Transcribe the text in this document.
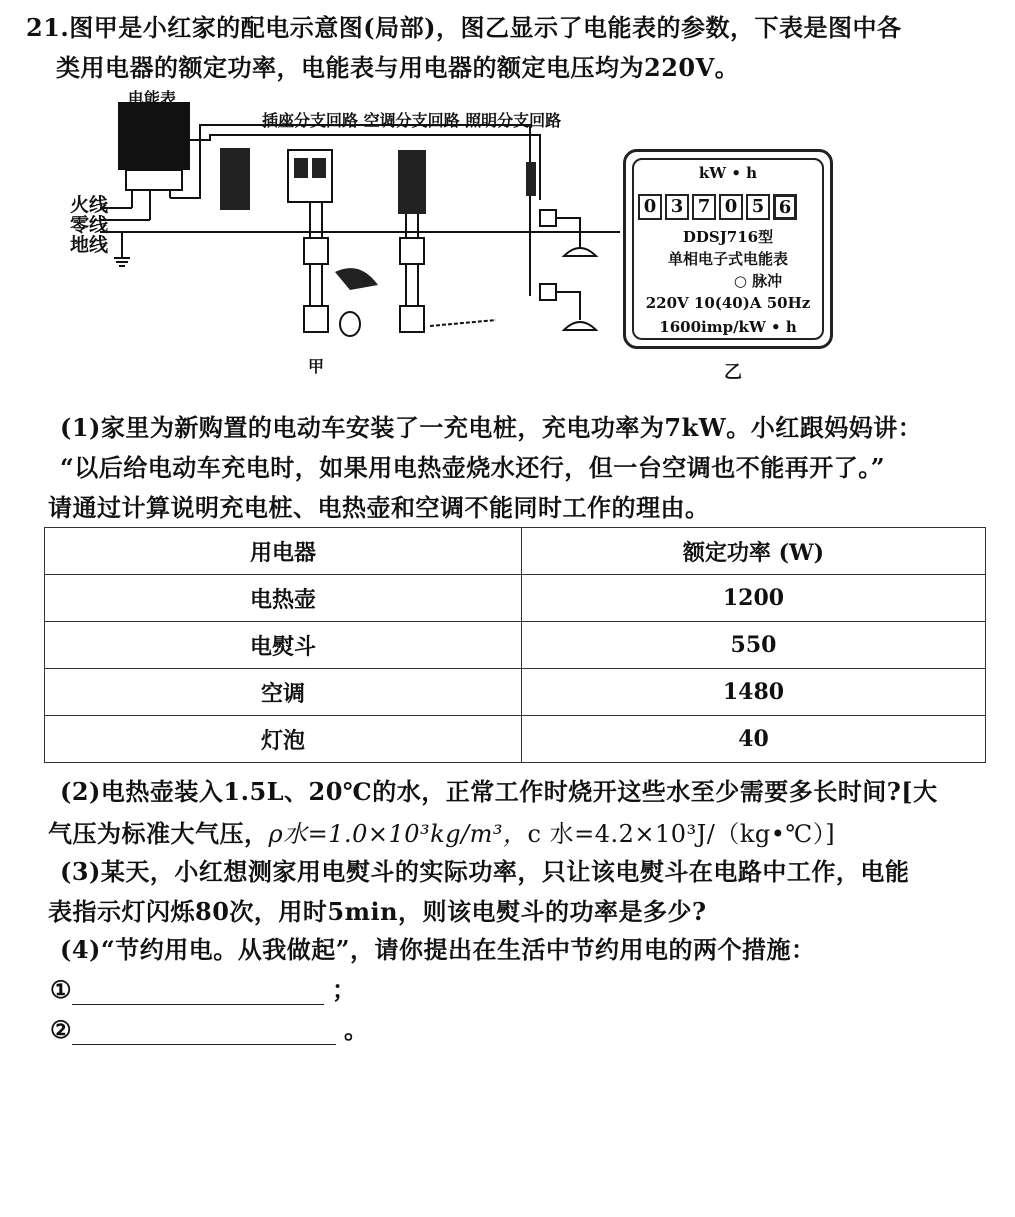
21.图甲是小红家的配电示意图(局部)，图乙显示了电能表的参数，下表是图中各
类用电器的额定功率，电能表与用电器的额定电压均为220V。
电能表
插座分支回路 空调分支回路 照明分支回路
火线
零线
地线
甲	乙
kW • h
0 3 7 0 5 6
DDSJ716型
单相电子式电能表
○ 脉冲
220V 10(40)A 50Hz
1600imp/kW • h
(1)家里为新购置的电动车安装了一充电桩，充电功率为7kW。小红跟妈妈讲：
“以后给电动车充电时，如果用电热壶烧水还行，但一台空调也不能再开了。”
请通过计算说明充电桩、电热壶和空调不能同时工作的理由。
用电器	额定功率 (W)
电热壶	1200
电熨斗	550
空调	1480
灯泡	40
(2)电热壶装入1.5L、20℃的水，正常工作时烧开这些水至少需要多长时间?[大
气压为标准大气压，ρ水=1.0×10³kg/m³，c 水=4.2×10³J/（kg•℃）]
(3)某天，小红想测家用电熨斗的实际功率，只让该电熨斗在电路中工作，电能
表指示灯闪烁80次，用时5min，则该电熨斗的功率是多少?
(4)“节约用电。从我做起”，请你提出在生活中节约用电的两个措施：
①	；
②	。
